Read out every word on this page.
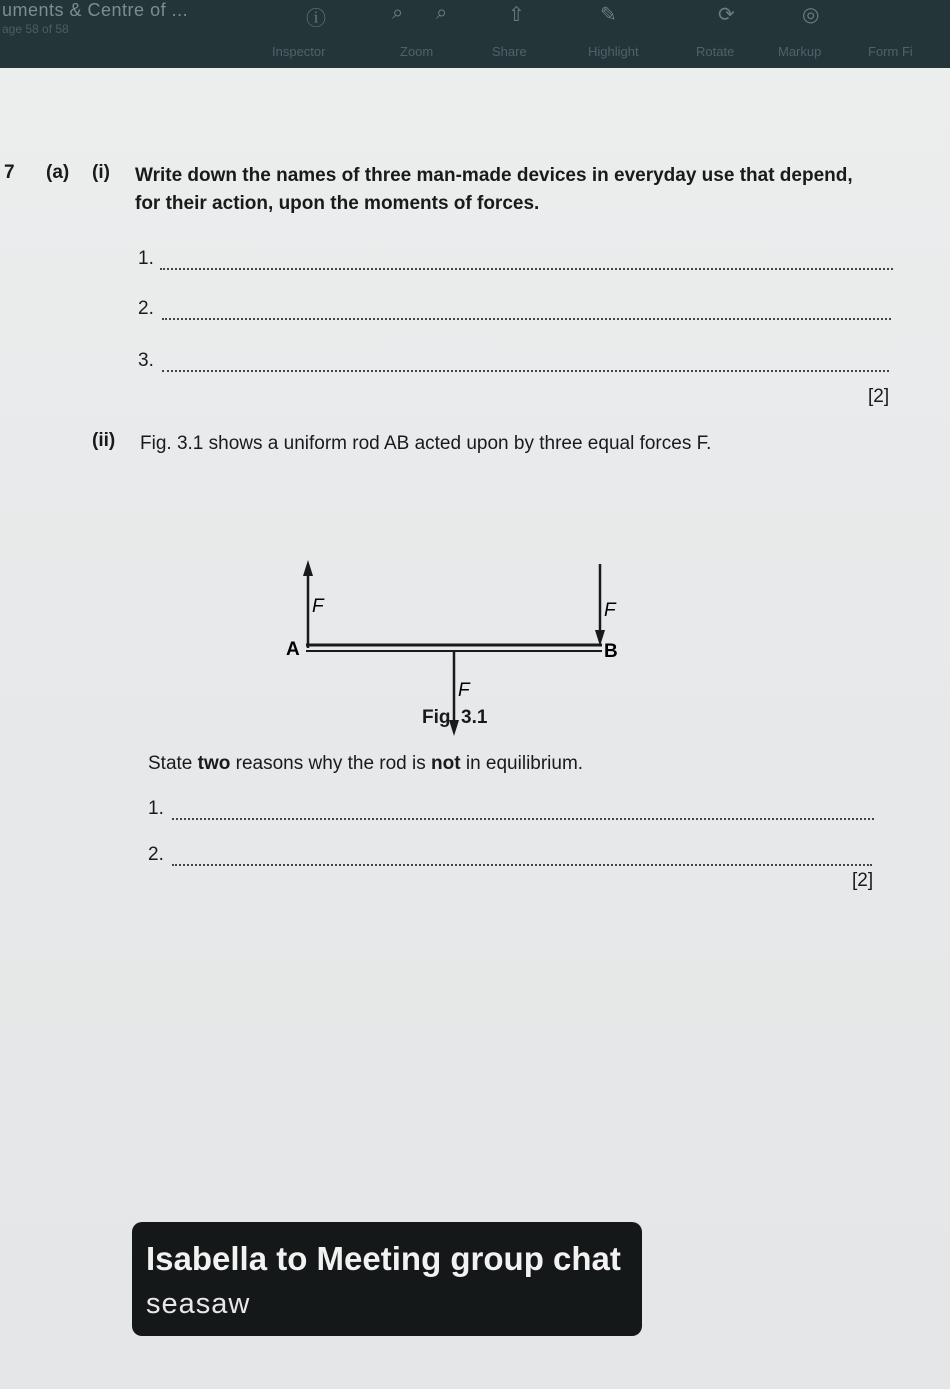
uments & Centre of ...
age 58 of 58	ⓘ	⌕ ⌕	⇧	✎	⟳	◎
Inspector	Zoom	Share	Highlight	Rotate	Markup	Form Fi
7 (a) (i) Write down the names of three man-made devices in everyday use that depend,
for their action, upon the moments of forces.
1.
2.
3.
[2]
(ii) Fig. 3.1 shows a uniform rod AB acted upon by three equal forces F.
F	F
F
A	B
Fig. 3.1
State two reasons why the rod is not in equilibrium.
1.
2.
[2]
Isabella to Meeting group chat
seasaw
